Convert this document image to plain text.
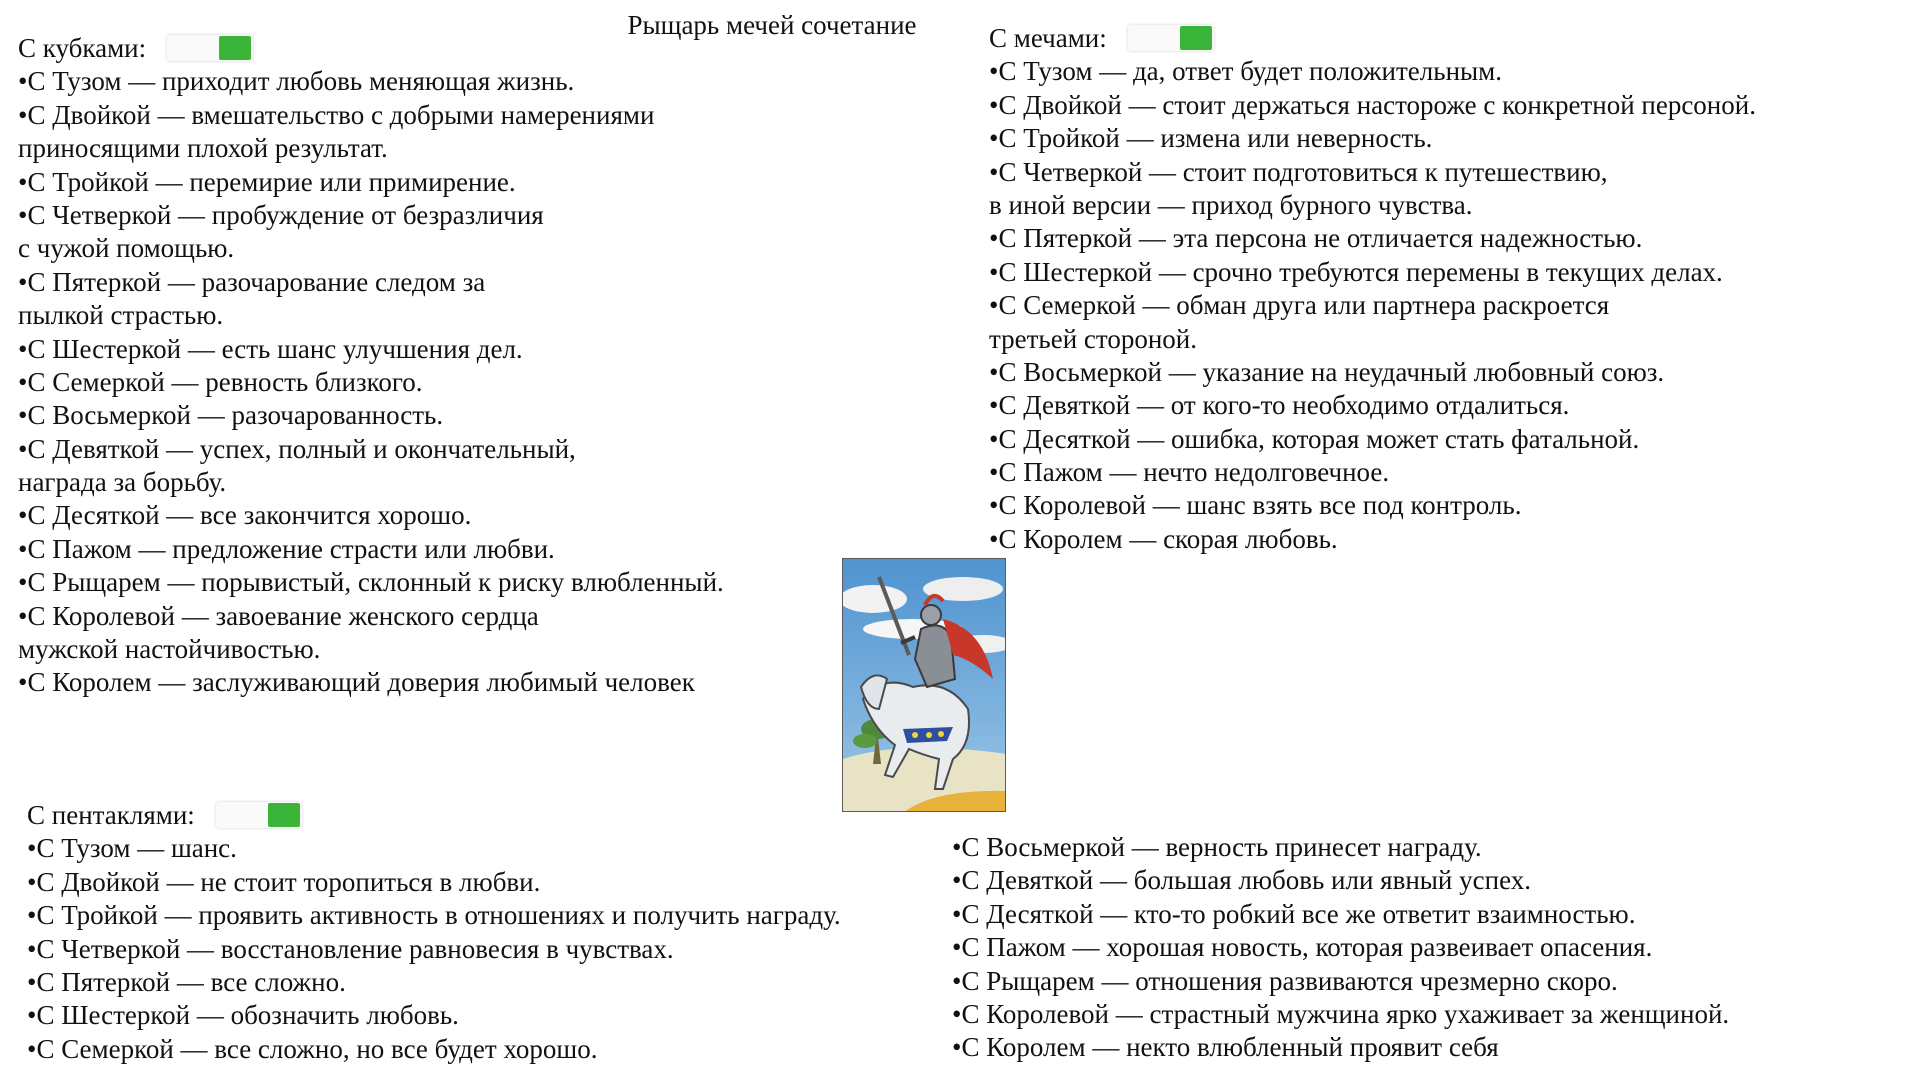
Рыщарь мечей сочетание
С кубками:
•С Тузом — приходит любовь меняющая жизнь.
•С Двойкой — вмешательство с добрыми намерениями
приносящими плохой результат.
•С Тройкой — перемирие или примирение.
•С Четверкой — пробуждение от безразличия
с чужой помощью.
•С Пятеркой — разочарование следом за
пылкой страстью.
•С Шестеркой — есть шанс улучшения дел.
•С Семеркой — ревность близкого.
•С Восьмеркой — разочарованность.
•С Девяткой — успех, полный и окончательный,
награда за борьбу.
•С Десяткой — все закончится хорошо.
•С Пажом — предложение страсти или любви.
•С Рыщарем — порывистый, склонный к риску влюбленный.
•С Королевой — завоевание женского сердца
мужской настойчивостью.
•С Королем — заслуживающий доверия любимый человек
С мечами:
•С Тузом — да, ответ будет положительным.
•С Двойкой — стоит держаться настороже с конкретной персоной.
•С Тройкой — измена или неверность.
•С Четверкой — стоит подготовиться к путешествию,
в иной версии — приход бурного чувства.
•С Пятеркой — эта персона не отличается надежностью.
•С Шестеркой — срочно требуются перемены в текущих делах.
•С Семеркой — обман друга или партнера раскроется
третьей стороной.
•С Восьмеркой — указание на неудачный любовный союз.
•С Девяткой — от кого-то необходимо отдалиться.
•С Десяткой — ошибка, которая может стать фатальной.
•С Пажом — нечто недолговечное.
•С Королевой — шанс взять все под контроль.
•С Королем — скорая любовь.
С пентаклями:
•С Тузом — шанс.
•С Двойкой — не стоит торопиться в любви.
•С Тройкой — проявить активность в отношениях и получить награду.
•С Четверкой — восстановление равновесия в чувствах.
•С Пятеркой — все сложно.
•С Шестеркой — обозначить любовь.
•С Семеркой — все сложно, но все будет хорошо.
•С Восьмеркой — верность принесет награду.
•С Девяткой — большая любовь или явный успех.
•С Десяткой — кто-то робкий все же ответит взаимностью.
•С Пажом — хорошая новость, которая развеивает опасения.
•С Рыщарем — отношения развиваются чрезмерно скоро.
•С Королевой — страстный мужчина ярко ухаживает за женщиной.
•С Королем — некто влюбленный проявит себя
